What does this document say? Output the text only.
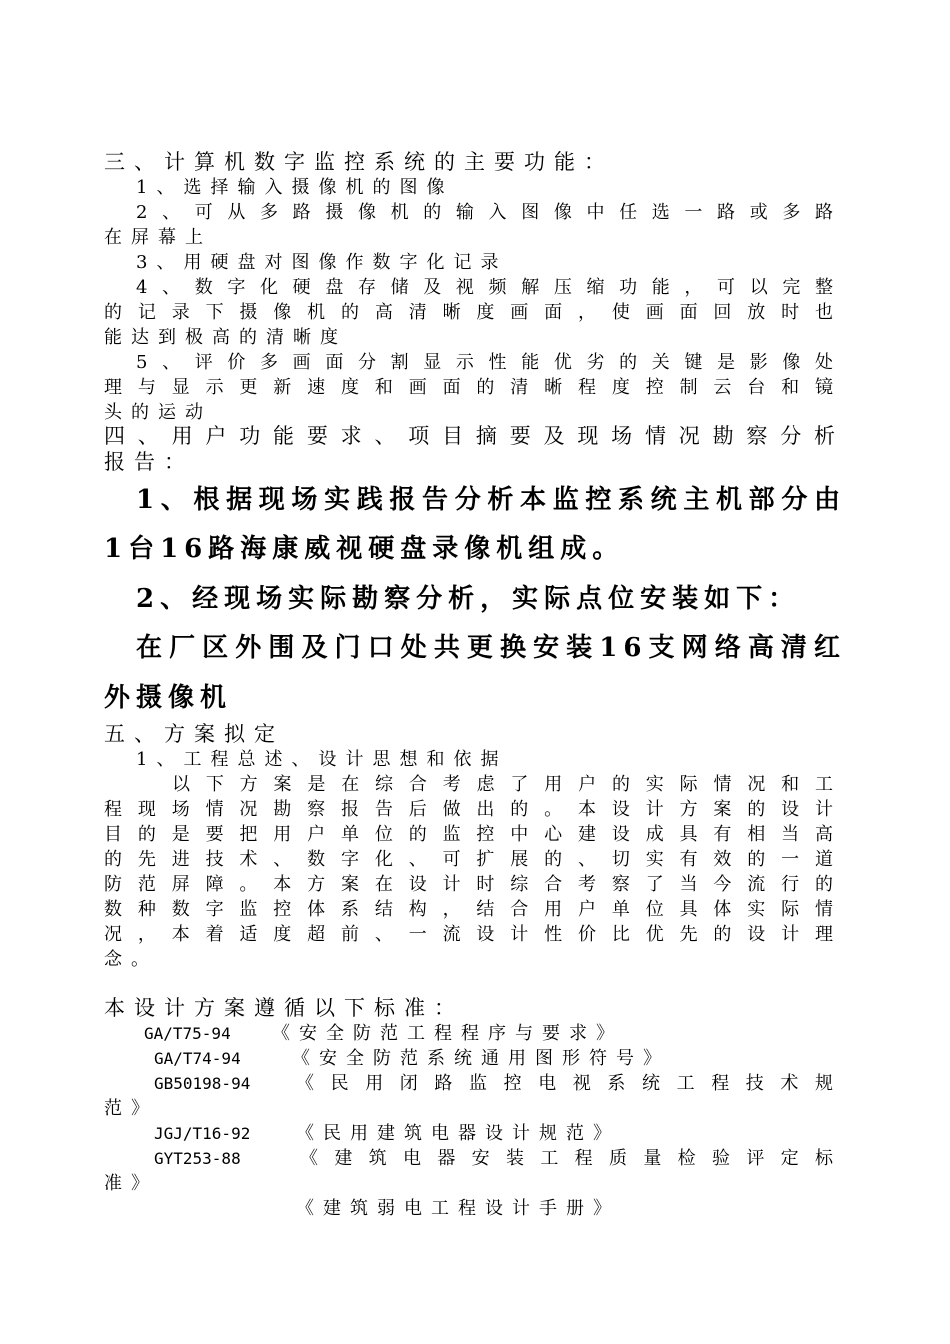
三、计算机数字监控系统的主要功能：
1、选择输入摄像机的图像
2、可从多路摄像机的输入图像中任选一路或多路
在屏幕上
3、用硬盘对图像作数字化记录
4、数字化硬盘存储及视频解压缩功能，可以完整
的记录下摄像机的高清晰度画面，使画面回放时也
能达到极高的清晰度
5、评价多画面分割显示性能优劣的关键是影像处
理与显示更新速度和画面的清晰程度控制云台和镜
头的运动
四、用户功能要求、项目摘要及现场情况勘察分析
报告：
1、根据现场实践报告分析本监控系统主机部分由
1台16路海康威视硬盘录像机组成。
2、经现场实际勘察分析，实际点位安装如下：
在厂区外围及门口处共更换安装16支网络高清红
外摄像机
五、方案拟定
1、工程总述、设计思想和依据
以下方案是在综合考虑了用户的实际情况和工
程现场情况勘察报告后做出的。本设计方案的设计
目的是要把用户单位的监控中心建设成具有相当高
的先进技术、数字化、可扩展的、切实有效的一道
防范屏障。本方案在设计时综合考察了当今流行的
数种数字监控体系结构，结合用户单位具体实际情
况，本着适度超前、一流设计性价比优先的设计理
念。
本设计方案遵循以下标准：
GA/T75-94 《安全防范工程程序与要求》
GA/T74-94	《安全防范系统通用图形符号》
GB50198-94	《民用闭路监控电视系统工程技术规
范》
JGJ/T16-92	《民用建筑电器设计规范》
GYT253-88	《建筑电器安装工程质量检验评定标
准》
《建筑弱电工程设计手册》
